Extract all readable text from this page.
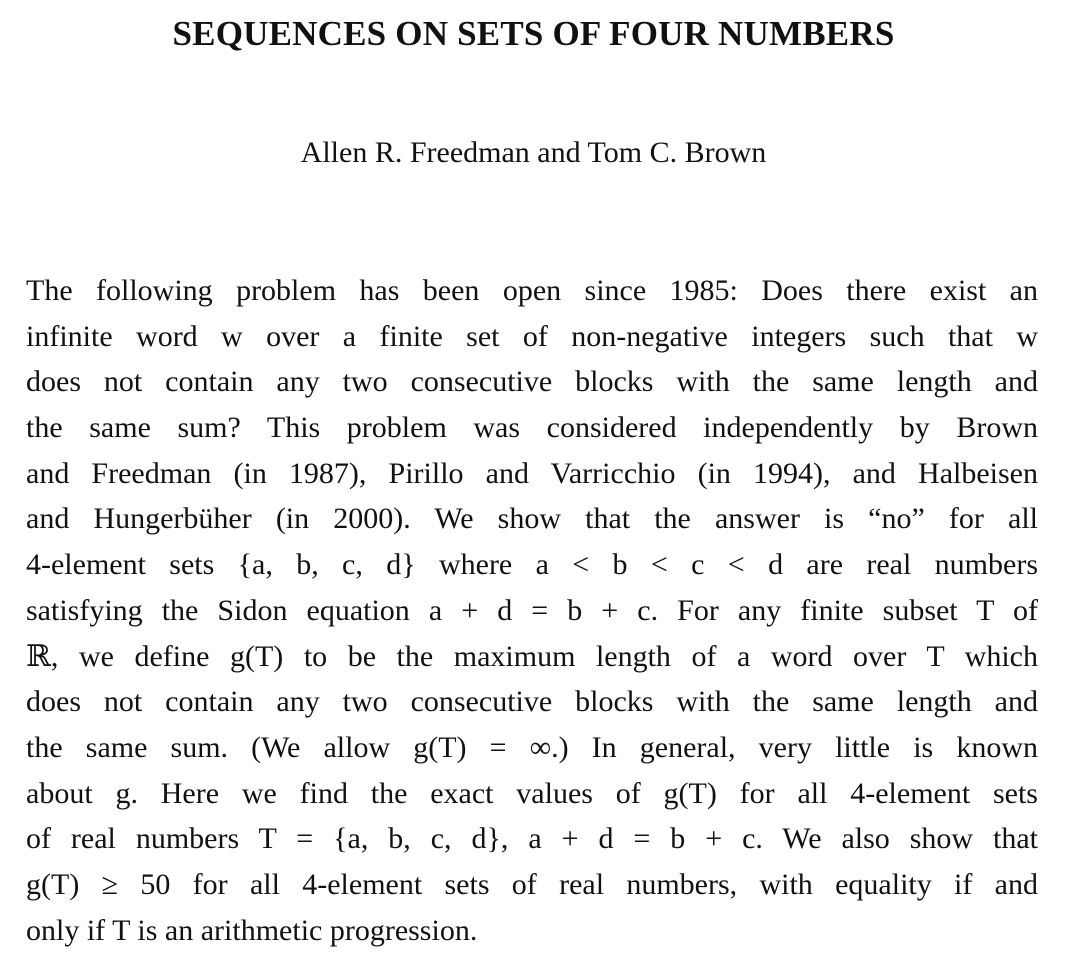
SEQUENCES ON SETS OF FOUR NUMBERS
Allen R. Freedman and Tom C. Brown
The following problem has been open since 1985: Does there exist an
infinite word w over a finite set of non-negative integers such that w
does not contain any two consecutive blocks with the same length and
the same sum? This problem was considered independently by Brown
and Freedman (in 1987), Pirillo and Varricchio (in 1994), and Halbeisen
and Hungerbüher (in 2000). We show that the answer is “no” for all
4-element sets {a, b, c, d} where a < b < c < d are real numbers
satisfying the Sidon equation a + d = b + c. For any finite subset T of
ℝ, we define g(T) to be the maximum length of a word over T which
does not contain any two consecutive blocks with the same length and
the same sum. (We allow g(T) = ∞.) In general, very little is known
about g. Here we find the exact values of g(T) for all 4-element sets
of real numbers T = {a, b, c, d}, a + d = b + c. We also show that
g(T) ≥ 50 for all 4-element sets of real numbers, with equality if and
only if T is an arithmetic progression.
